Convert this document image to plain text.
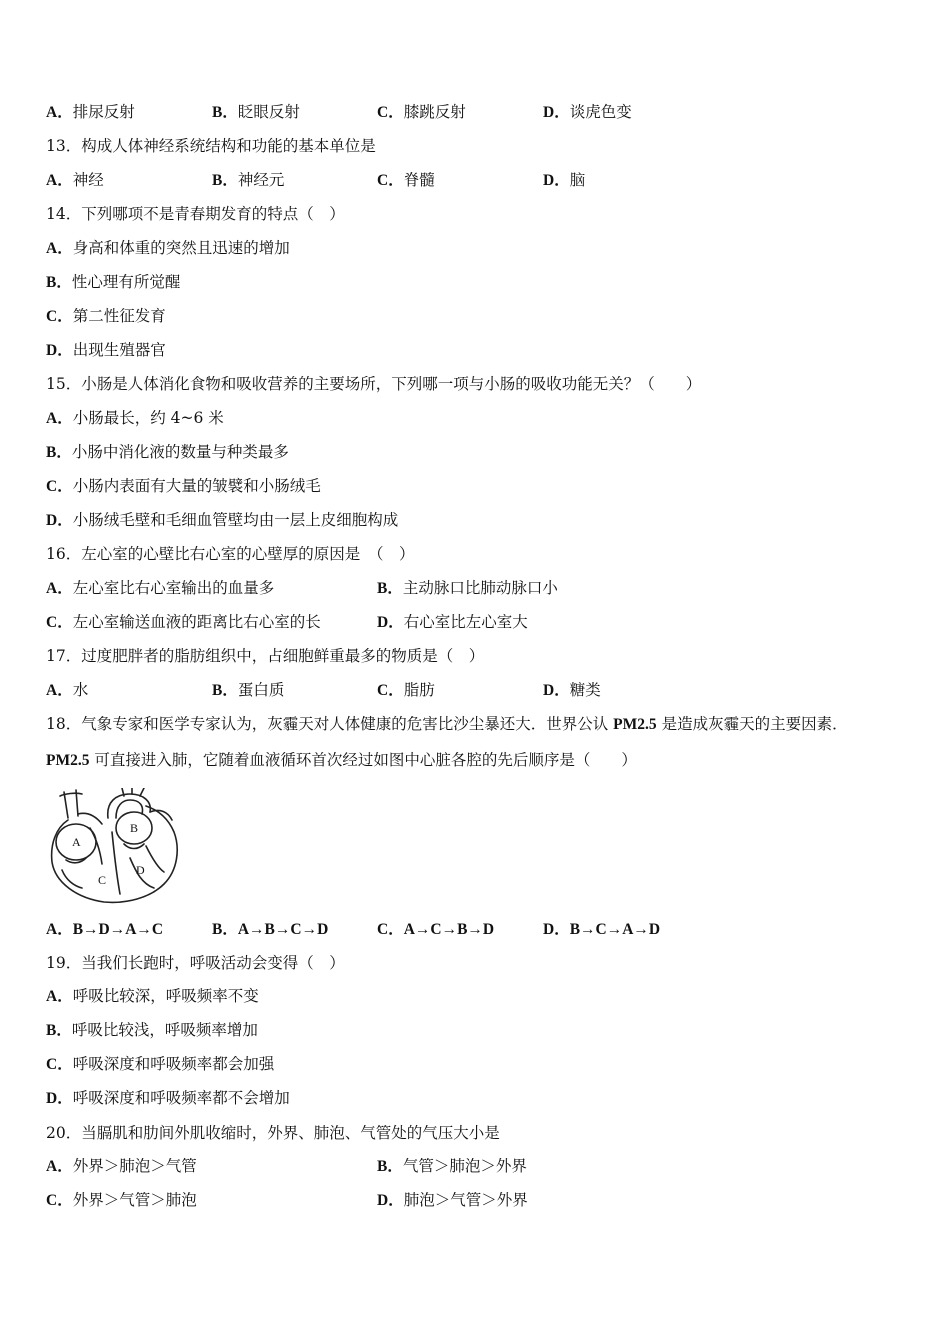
A．排尿反射	B．眨眼反射	C．膝跳反射	D．谈虎色变
13．构成人体神经系统结构和功能的基本单位是
A．神经	B．神经元	C．脊髓	D．脑
14．下列哪项不是青春期发育的特点（　）
A．身高和体重的突然且迅速的增加
B．性心理有所觉醒
C．第二性征发育
D．出现生殖器官
15．小肠是人体消化食物和吸收营养的主要场所，下列哪一项与小肠的吸收功能无关？（　　）
A．小肠最长，约 4~6 米
B．小肠中消化液的数量与种类最多
C．小肠内表面有大量的皱襞和小肠绒毛
D．小肠绒毛壁和毛细血管壁均由一层上皮细胞构成
16．左心室的心壁比右心室的心壁厚的原因是　（　）
A．左心室比右心室输出的血量多	B．主动脉口比肺动脉口小
C．左心室输送血液的距离比右心室的长	D．右心室比左心室大
17．过度肥胖者的脂肪组织中，占细胞鲜重最多的物质是（　）
A．水	B．蛋白质	C．脂肪	D．糖类
18．气象专家和医学专家认为，灰霾天对人体健康的危害比沙尘暴还大．世界公认 PM2.5 是造成灰霾天的主要因素．
PM2.5 可直接进入肺，它随着血液循环首次经过如图中心脏各腔的先后顺序是（　　）
A
B
C
D
A．B→D→A→C	B．A→B→C→D	C．A→C→B→D	D．B→C→A→D
19．当我们长跑时，呼吸活动会变得（　）
A．呼吸比较深，呼吸频率不变
B．呼吸比较浅，呼吸频率增加
C．呼吸深度和呼吸频率都会加强
D．呼吸深度和呼吸频率都不会增加
20．当膈肌和肋间外肌收缩时，外界、肺泡、气管处的气压大小是
A．外界＞肺泡＞气管	B．气管＞肺泡＞外界
C．外界＞气管＞肺泡	D．肺泡＞气管＞外界
